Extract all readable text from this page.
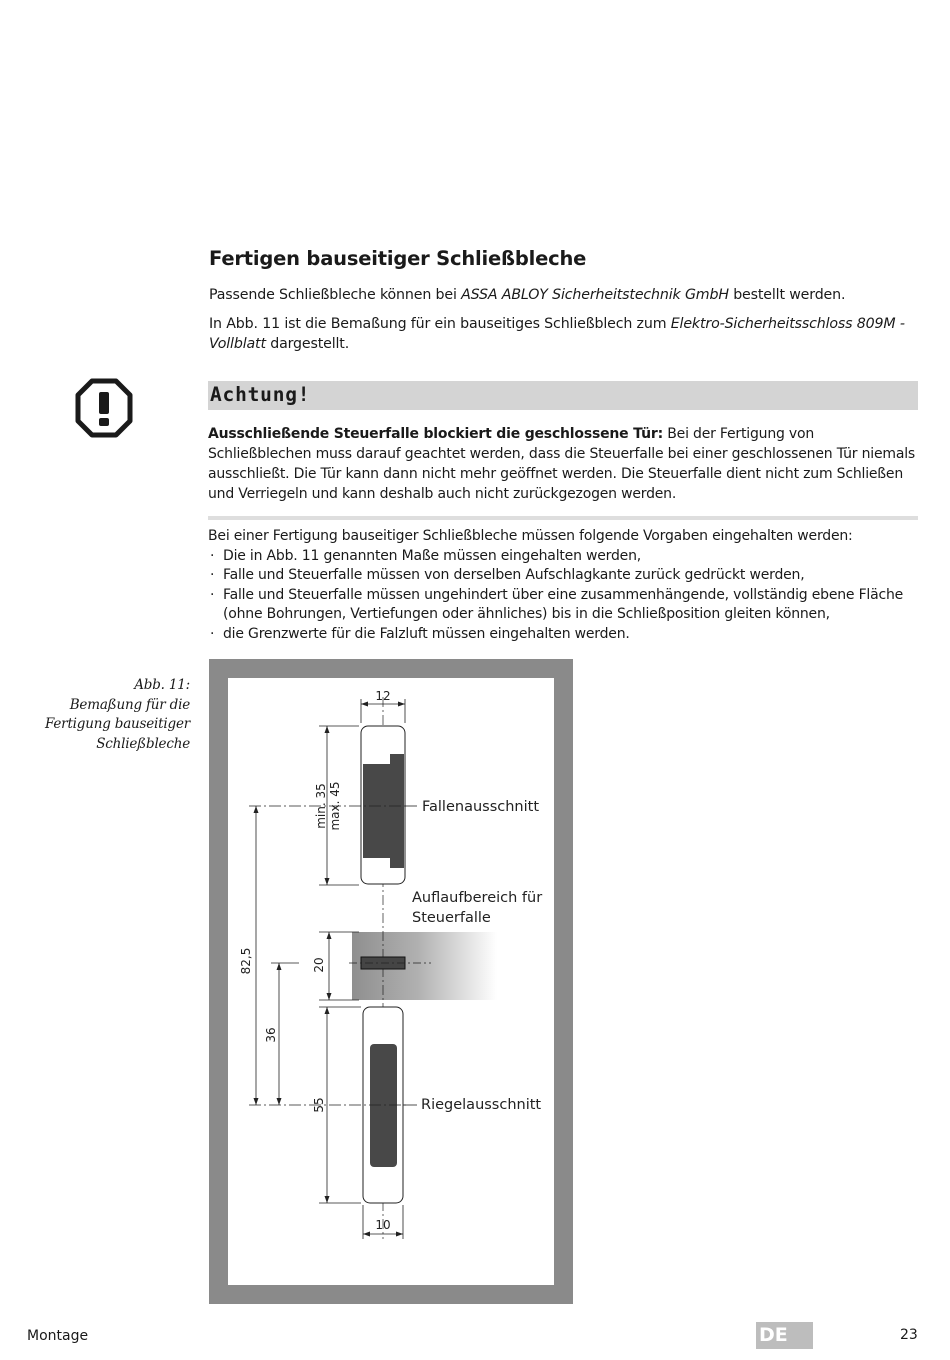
Fertigen bauseitiger Schließbleche
Passende Schließbleche können bei ASSA ABLOY Sicherheitstechnik GmbH bestellt werden.
In Abb. 11 ist die Bemaßung für ein bauseitiges Schließblech zum Elektro-Sicherheitsschloss 809M - Vollblatt dargestellt.
Achtung!
Ausschließende Steuerfalle blockiert die geschlossene Tür: Bei der Fertigung von Schließblechen muss darauf geachtet werden, dass die Steuerfalle bei einer geschlossenen Tür niemals ausschließt. Die Tür kann dann nicht mehr geöffnet werden. Die Steuerfalle dient nicht zum Schließen und Verriegeln und kann deshalb auch nicht zurückgezogen werden.
Bei einer Fertigung bauseitiger Schließbleche müssen folgende Vorgaben eingehalten werden:
· Die in Abb. 11 genannten Maße müssen eingehalten werden,
· Falle und Steuerfalle müssen von derselben Aufschlagkante zurück gedrückt werden,
· Falle und Steuerfalle müssen ungehindert über eine zusammenhängende, vollständig ebene Fläche (ohne Bohrungen, Vertiefungen oder ähnliches) bis in die Schließposition gleiten können,
· die Grenzwerte für die Falzluft müssen eingehalten werden.
Abb. 11:
Bemaßung für die
Fertigung bauseitiger
Schließbleche
12
min. 35 max. 45
82,5
36
20
55
10
Fallenausschnitt
Auflaufbereich für
Steuerfalle
Riegelausschnitt
Montage	DE	23
